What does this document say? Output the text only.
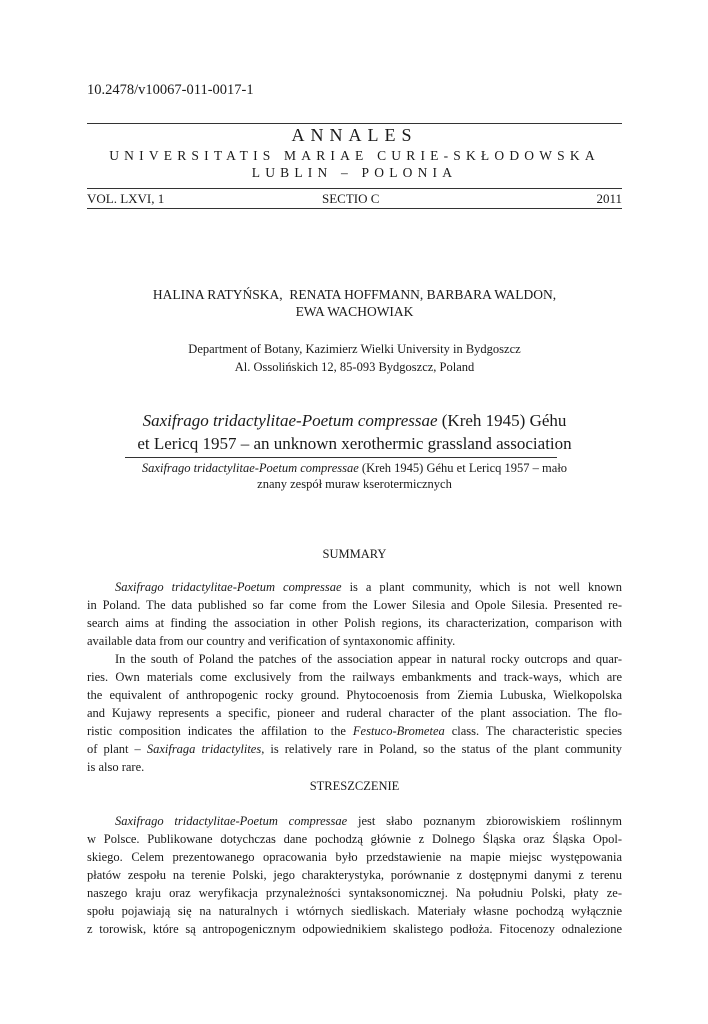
10.2478/v10067-011-0017-1
ANNALES
UNIVERSITATIS MARIAE CURIE-SKŁODOWSKA
LUBLIN – POLONIA
VOL. LXVI, 1	SECTIO C	2011
HALINA RATYŃSKA,  RENATA HOFFMANN, BARBARA WALDON,
EWA WACHOWIAK
Department of Botany, Kazimierz Wielki University in Bydgoszcz
Al. Ossolińskich 12, 85-093 Bydgoszcz, Poland
Saxifrago tridactylitae-Poetum compressae (Kreh 1945) Géhu
et Lericq 1957 – an unknown xerothermic grassland association
Saxifrago tridactylitae-Poetum compressae (Kreh 1945) Géhu et Lericq 1957 – mało
znany zespół muraw kserotermicznych
SUMMARY
Saxifrago tridactylitae-Poetum compressae is a plant community, which is not well known
in Poland. The data published so far come from the Lower Silesia and Opole Silesia. Presented re-
search aims at finding the association in other Polish regions, its characterization, comparison with
available data from our country and verification of syntaxonomic affinity.
In the south of Poland the patches of the association appear in natural rocky outcrops and quar-
ries. Own materials come exclusively from the railways embankments and track-ways, which are
the equivalent of anthropogenic rocky ground. Phytocoenosis from Ziemia Lubuska, Wielkopolska
and Kujawy represents a specific, pioneer and ruderal character of the plant association. The flo-
ristic composition indicates the affilation to the Festuco-Brometea class. The characteristic species
of plant – Saxifraga tridactylites, is relatively rare in Poland, so the status of the plant community
is also rare.
STRESZCZENIE
Saxifrago tridactylitae-Poetum compressae jest słabo poznanym zbiorowiskiem roślinnym
w Polsce. Publikowane dotychczas dane pochodzą głównie z Dolnego Śląska oraz Śląska Opol-
skiego. Celem prezentowanego opracowania było przedstawienie na mapie miejsc występowania
płatów zespołu na terenie Polski, jego charakterystyka, porównanie z dostępnymi danymi z terenu
naszego kraju oraz weryfikacja przynależności syntaksonomicznej. Na południu Polski, płaty ze-
społu pojawiają się na naturalnych i wtórnych siedliskach. Materiały własne pochodzą wyłącznie
z torowisk, które są antropogenicznym odpowiednikiem skalistego podłoża. Fitocenozy odnalezione
